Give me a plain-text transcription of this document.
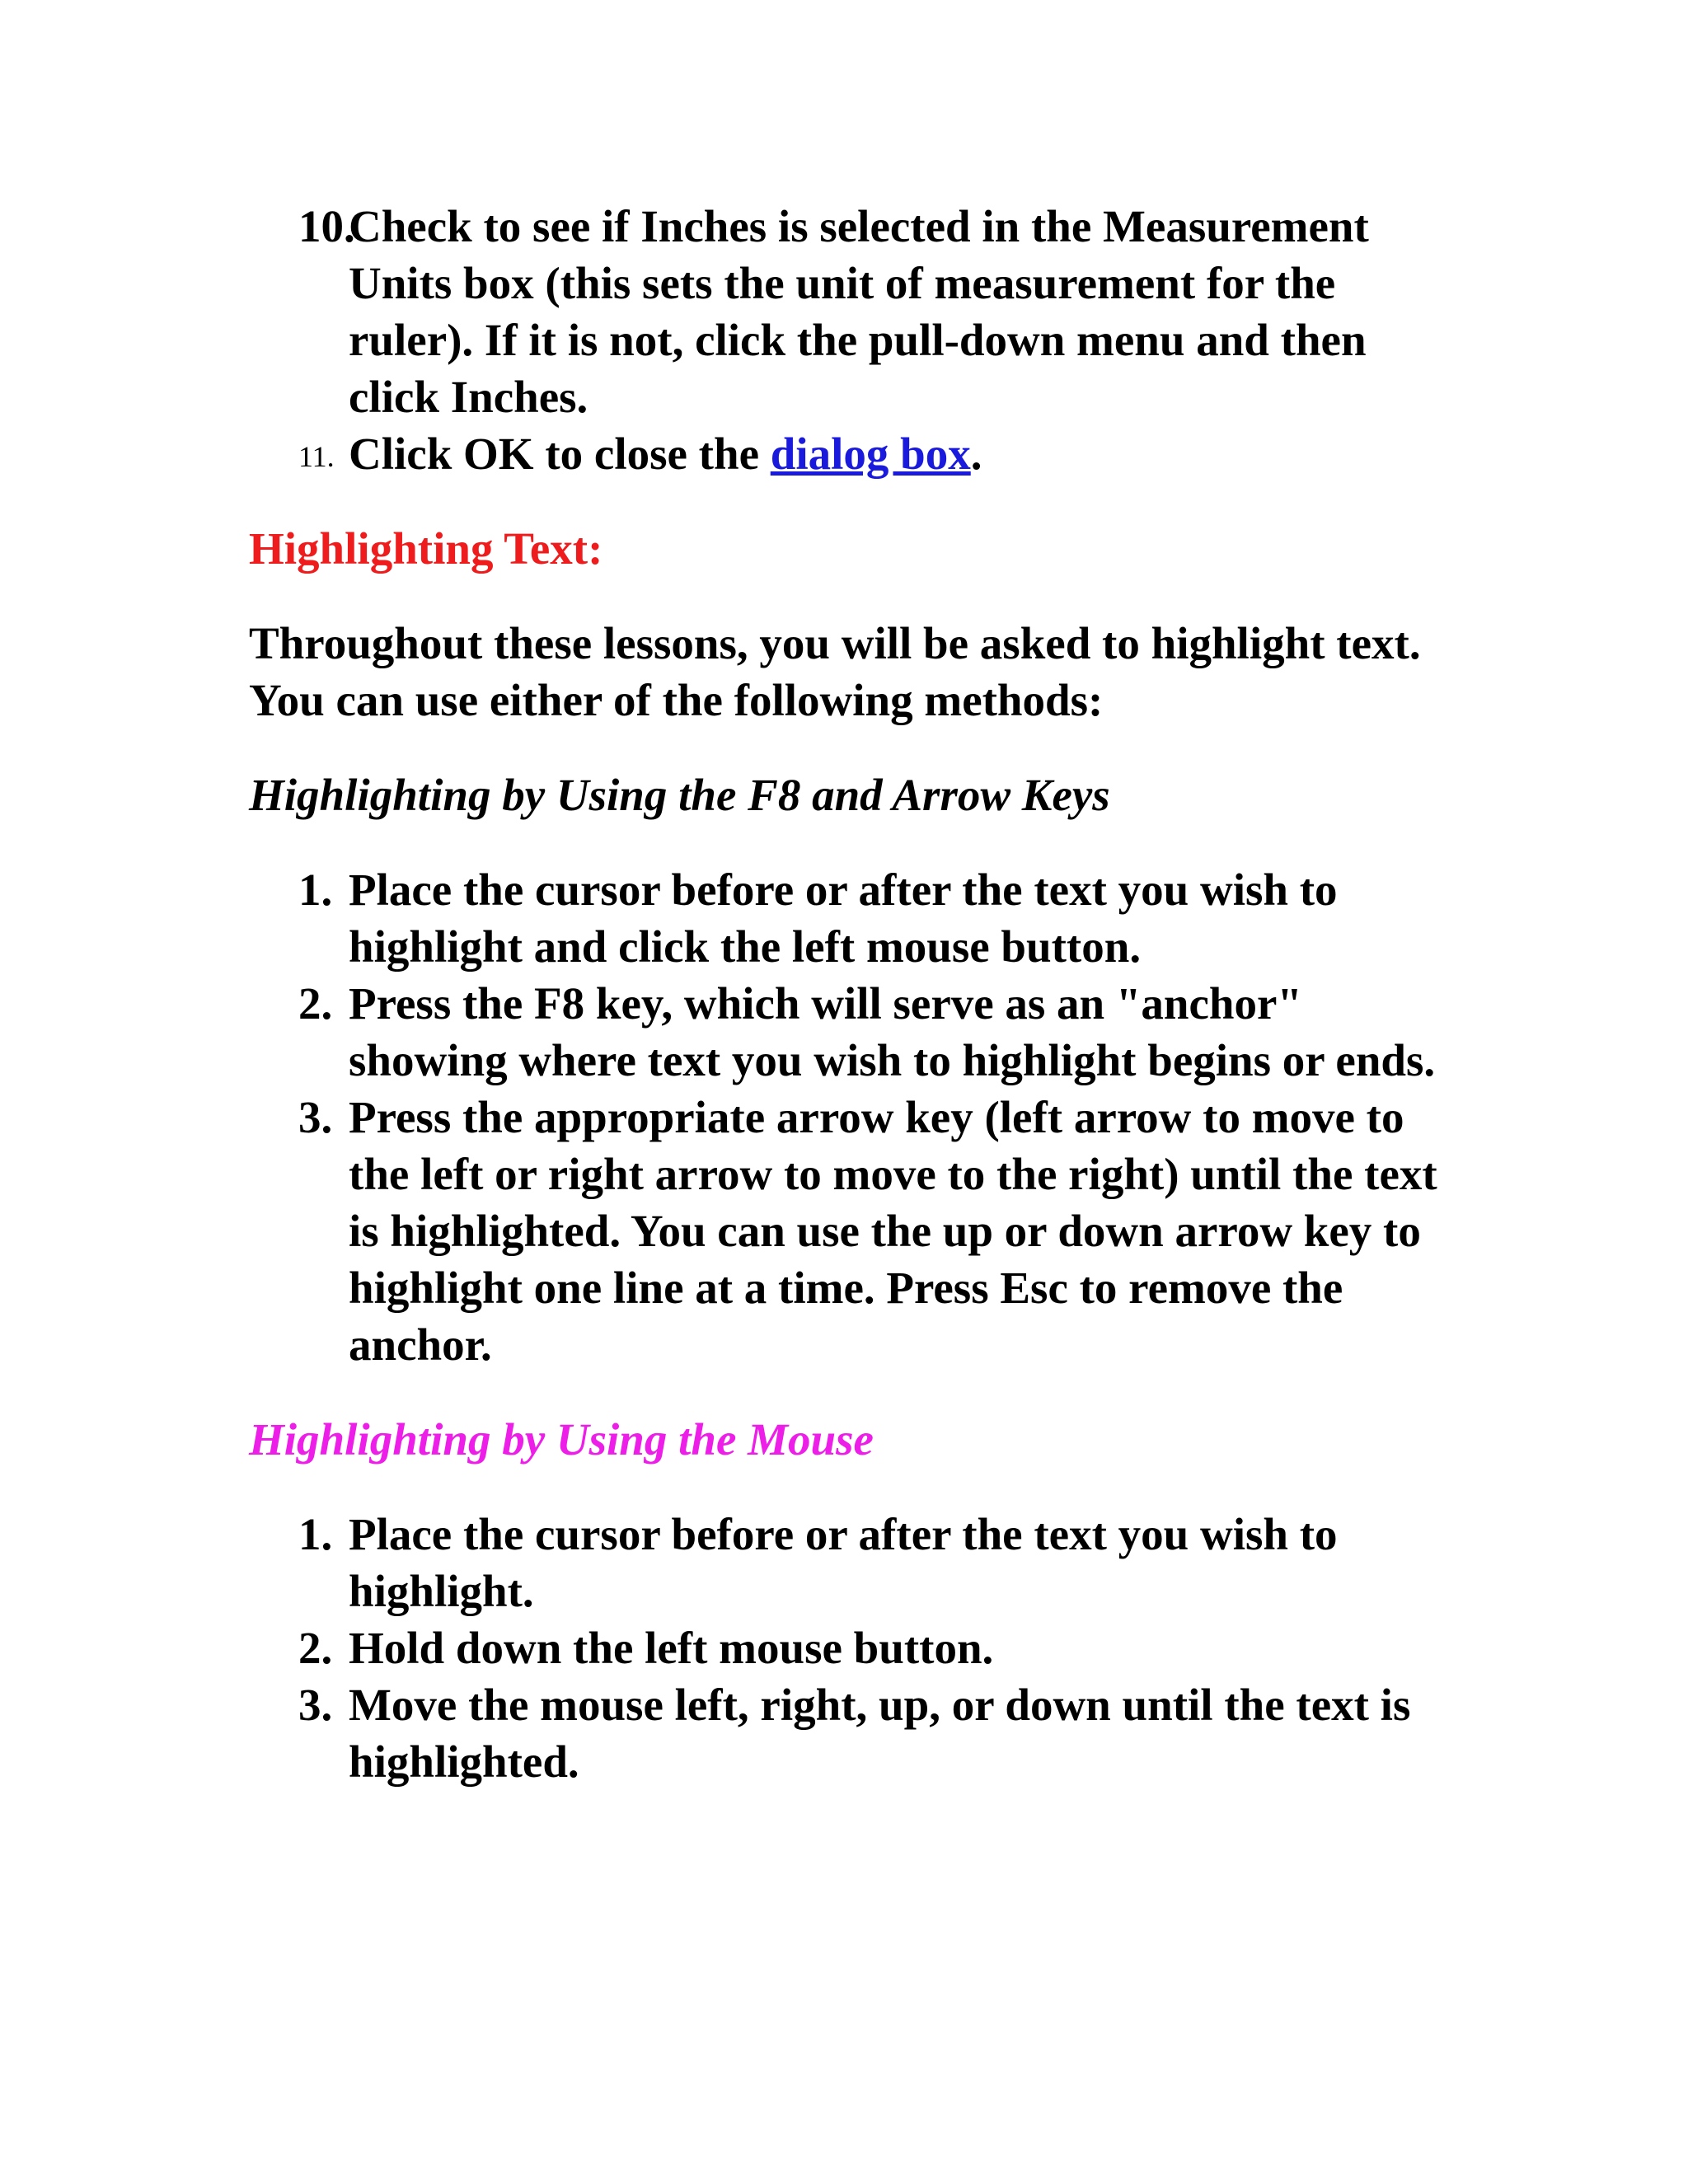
10.
Check to see if Inches is selected in the Measurement Units box (this sets the unit of measurement for the ruler). If it is not, click the pull-down menu and then click Inches.
11. Click OK to close the dialog box.
Highlighting Text:

Throughout these lessons, you will be asked to highlight text. You can use either of the following methods:

Highlighting by Using the F8 and Arrow Keys
1. Place the cursor before or after the text you wish to highlight and click the left mouse button.
2. Press the F8 key, which will serve as an "anchor" showing where text you wish to highlight begins or ends.
3. Press the appropriate arrow key (left arrow to move to the left or right arrow to move to the right) until the text is highlighted. You can use the up or down arrow key to highlight one line at a time. Press Esc to remove the anchor.
Highlighting by Using the Mouse
1. Place the cursor before or after the text you wish to highlight.
2. Hold down the left mouse button.
3. Move the mouse left, right, up, or down until the text is highlighted.
